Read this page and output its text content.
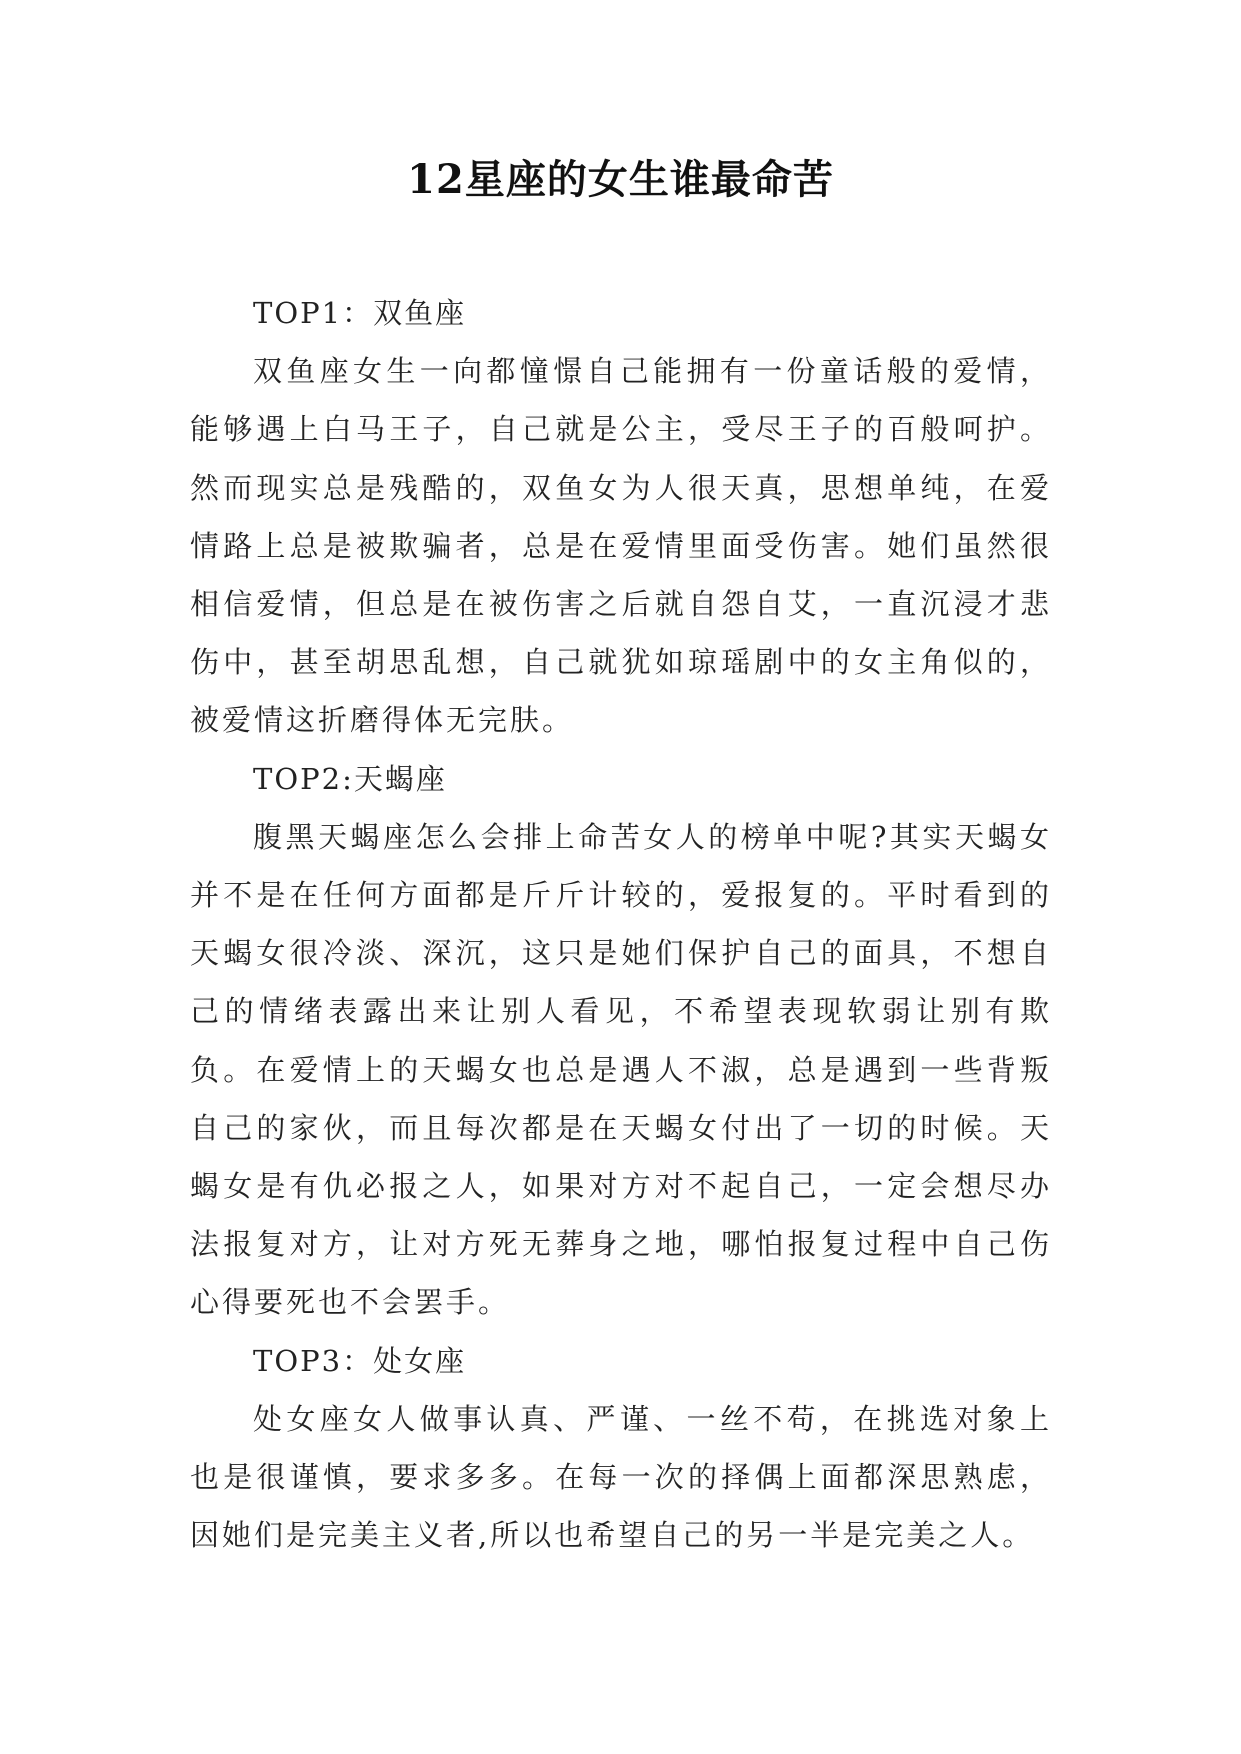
12星座的女生谁最命苦

TOP1：双鱼座

双鱼座女生一向都憧憬自己能拥有一份童话般的爱情，能够遇上白马王子，自己就是公主，受尽王子的百般呵护。然而现实总是残酷的，双鱼女为人很天真，思想单纯，在爱情路上总是被欺骗者，总是在爱情里面受伤害。她们虽然很相信爱情，但总是在被伤害之后就自怨自艾，一直沉浸才悲伤中，甚至胡思乱想，自己就犹如琼瑶剧中的女主角似的，被爱情这折磨得体无完肤。

TOP2:天蝎座

腹黑天蝎座怎么会排上命苦女人的榜单中呢?其实天蝎女并不是在任何方面都是斤斤计较的，爱报复的。平时看到的天蝎女很冷淡、深沉，这只是她们保护自己的面具，不想自己的情绪表露出来让别人看见，不希望表现软弱让别有欺负。在爱情上的天蝎女也总是遇人不淑，总是遇到一些背叛自己的家伙，而且每次都是在天蝎女付出了一切的时候。天蝎女是有仇必报之人，如果对方对不起自己，一定会想尽办法报复对方，让对方死无葬身之地，哪怕报复过程中自己伤心得要死也不会罢手。

TOP3：处女座

处女座女人做事认真、严谨、一丝不苟，在挑选对象上也是很谨慎，要求多多。在每一次的择偶上面都深思熟虑，因她们是完美主义者,所以也希望自己的另一半是完美之人。
